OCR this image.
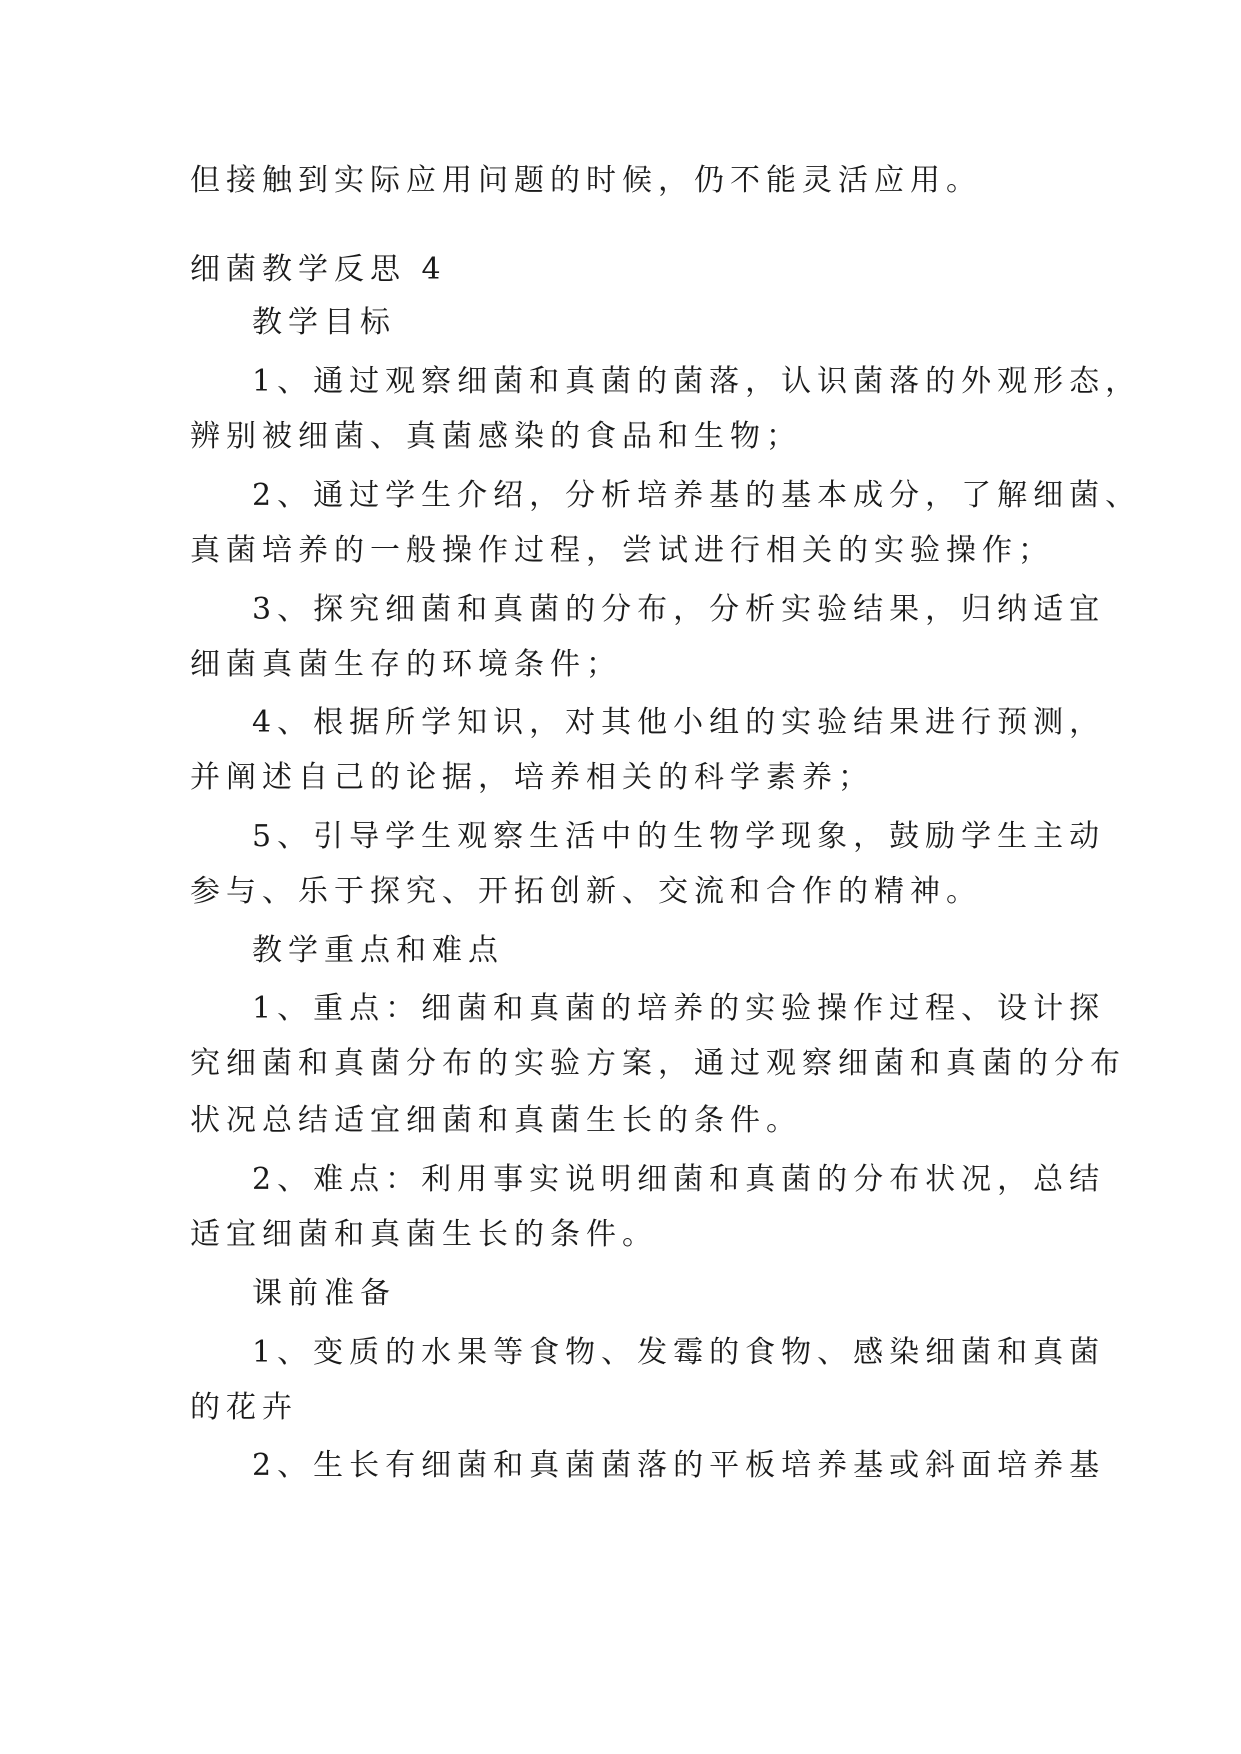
但接触到实际应用问题的时候，仍不能灵活应用。
细菌教学反思 4
教学目标
1、通过观察细菌和真菌的菌落，认识菌落的外观形态，
辨别被细菌、真菌感染的食品和生物；
2、通过学生介绍，分析培养基的基本成分，了解细菌、
真菌培养的一般操作过程，尝试进行相关的实验操作；
3、探究细菌和真菌的分布，分析实验结果，归纳适宜
细菌真菌生存的环境条件；
4、根据所学知识，对其他小组的实验结果进行预测，
并阐述自己的论据，培养相关的科学素养；
5、引导学生观察生活中的生物学现象，鼓励学生主动
参与、乐于探究、开拓创新、交流和合作的精神。
教学重点和难点
1、重点：细菌和真菌的培养的实验操作过程、设计探
究细菌和真菌分布的实验方案，通过观察细菌和真菌的分布
状况总结适宜细菌和真菌生长的条件。
2、难点：利用事实说明细菌和真菌的分布状况，总结
适宜细菌和真菌生长的条件。
课前准备
1、变质的水果等食物、发霉的食物、感染细菌和真菌
的花卉
2、生长有细菌和真菌菌落的平板培养基或斜面培养基
